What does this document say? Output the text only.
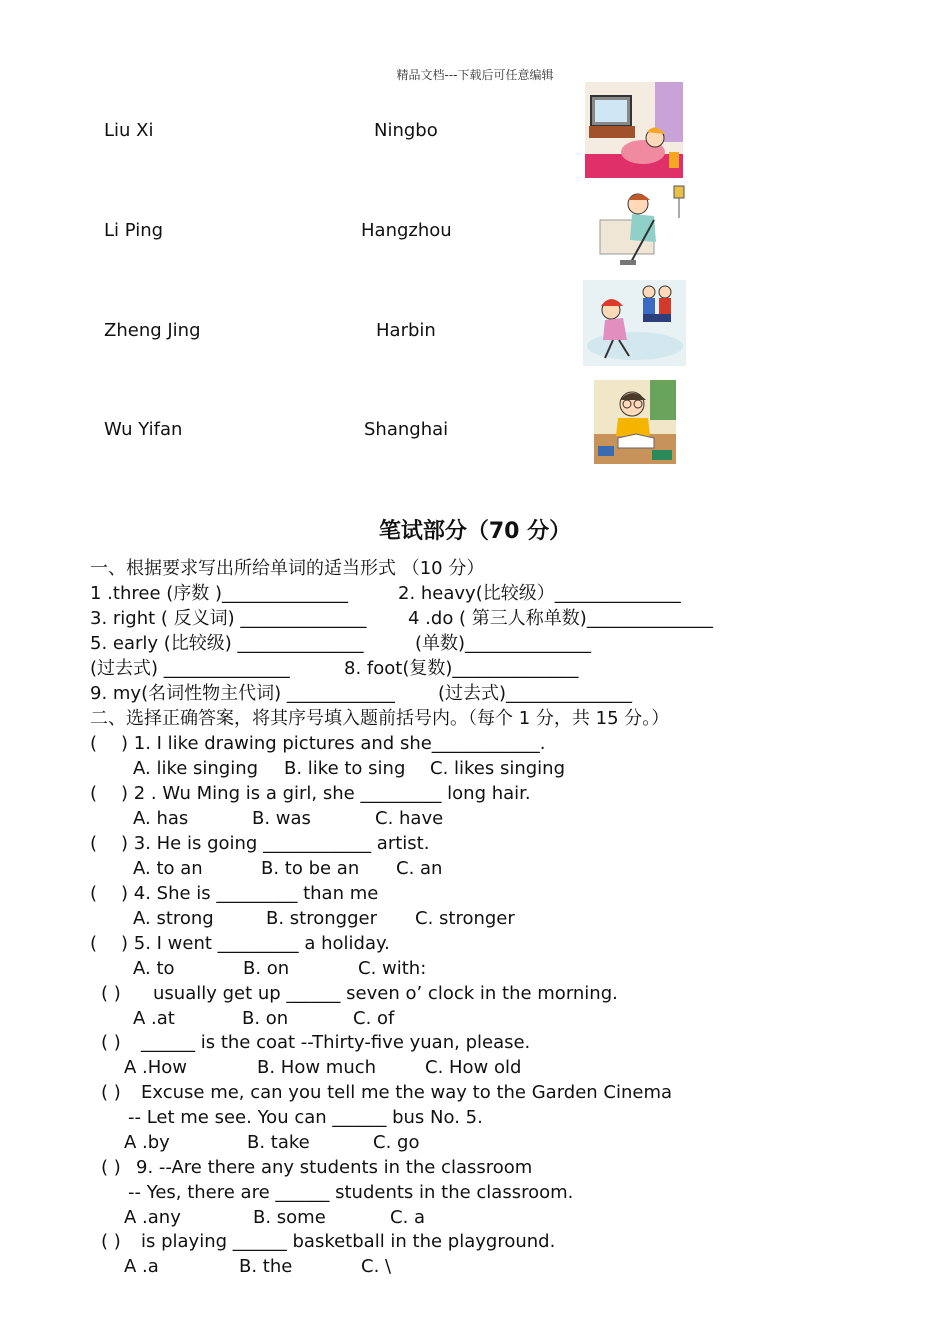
精品文档---下载后可任意编辑
Liu Xi	Ningbo
Li Ping	Hangzhou
Zheng Jing	Harbin
Wu Yifan	Shanghai
笔试部分（70 分）
一、根据要求写出所给单词的适当形式 （10 分）
1 .three (序数 )______________	2. heavy(比较级）______________
3. right ( 反义词) ______________ 4 .do ( 第三人称单数)______________
5. early (比较级) ______________	(单数)______________
(过去式) ______________	8. foot(复数)______________
9. my(名词性物主代词) ____________ (过去式)______________
二、选择正确答案，将其序号填入题前括号内。（每个 1 分，共 15 分。）
( ) 1. I like drawing pictures and she____________.
A. like singing B. like to sing C. likes singing
( ) 2 . Wu Ming is a girl, she _________ long hair.
A. has	B. was	C. have
( ) 3. He is going ____________ artist.
A. to an	B. to be an C. an
( ) 4. She is _________ than me
A. strong	B. strongger C. stronger
( ) 5. I went _________ a holiday.
A. to	B. on	C. with:
( ) usually get up ______ seven o’ clock in the morning.
A .at	B. on	C. of
( ) ______ is the coat --Thirty-five yuan, please.
A .How	B. How much	C. How old
( ) Excuse me, can you tell me the way to the Garden Cinema
-- Let me see. You can ______ bus No. 5.
A .by	B. take	C. go
( ) 9. --Are there any students in the classroom
-- Yes, there are ______ students in the classroom.
A .any	B. some	C. a
( ) is playing ______ basketball in the playground.
A .a	B. the	C. \
